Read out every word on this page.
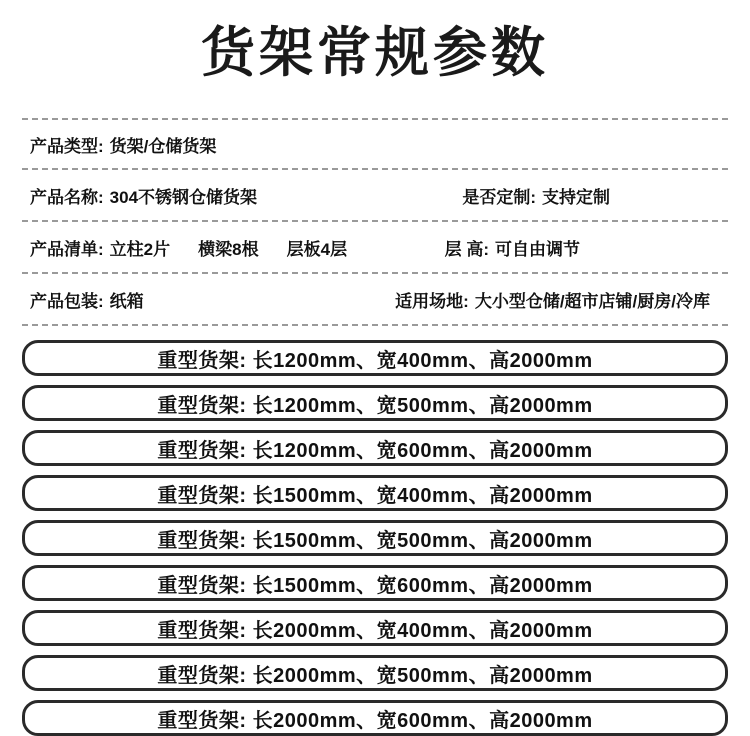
货架常规参数
产品类型: 货架/仓储货架
产品名称: 304不锈钢仓储货架	是否定制: 支持定制
产品清单: 立柱2片 横梁8根 层板4层	层 高: 可自由调节
产品包装: 纸箱	适用场地: 大小型仓储/超市店铺/厨房/冷库
重型货架: 长1200mm、宽400mm、高2000mm
重型货架: 长1200mm、宽500mm、高2000mm
重型货架: 长1200mm、宽600mm、高2000mm
重型货架: 长1500mm、宽400mm、高2000mm
重型货架: 长1500mm、宽500mm、高2000mm
重型货架: 长1500mm、宽600mm、高2000mm
重型货架: 长2000mm、宽400mm、高2000mm
重型货架: 长2000mm、宽500mm、高2000mm
重型货架: 长2000mm、宽600mm、高2000mm
